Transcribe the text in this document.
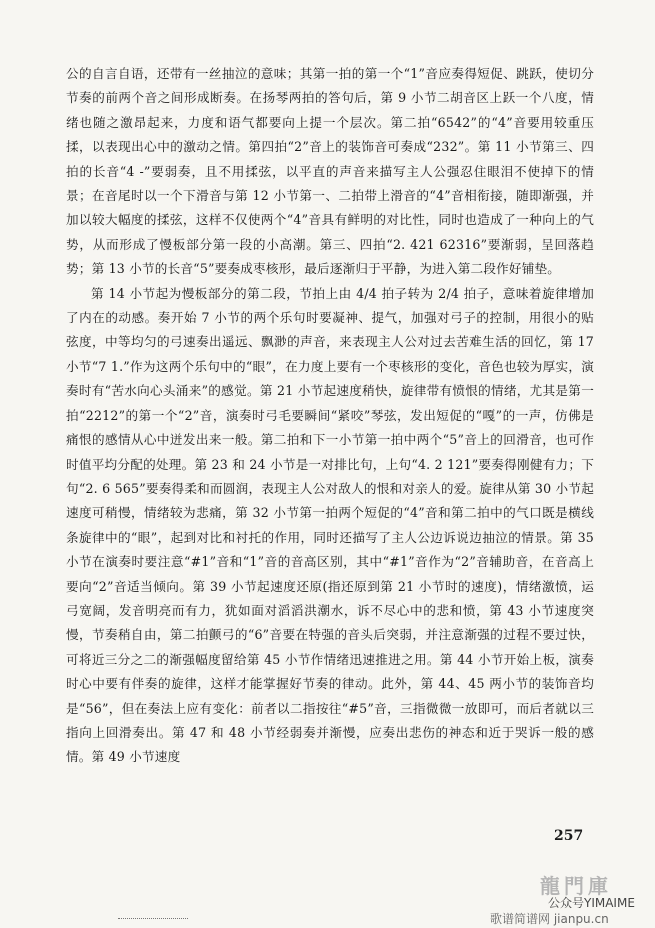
公的自言自语，还带有一丝抽泣的意味；其第一拍的第一个“1”音应奏得短促、跳跃，使切分节奏的前两个音之间形成断奏。在扬琴两拍的答句后，第 9 小节二胡音区上跃一个八度，情绪也随之激昂起来，力度和语气都要向上提一个层次。第二拍“6542”的“4”音要用较重压揉，以表现出心中的激动之情。第四拍“2”音上的装饰音可奏成“232”。第 11 小节第三、四拍的长音“4 -”要弱奏，且不用揉弦，以平直的声音来描写主人公强忍住眼泪不使掉下的情景；在音尾时以一个下滑音与第 12 小节第一、二拍带上滑音的“4”音相衔接，随即渐强，并加以较大幅度的揉弦，这样不仅使两个“4”音具有鲜明的对比性，同时也造成了一种向上的气势，从而形成了慢板部分第一段的小高潮。第三、四拍“2. 421 62316”要渐弱，呈回落趋势；第 13 小节的长音“5”要奏成枣核形，最后逐渐归于平静，为进入第二段作好铺垫。

第 14 小节起为慢板部分的第二段，节拍上由 4/4 拍子转为 2/4 拍子，意味着旋律增加了内在的动感。奏开始 7 小节的两个乐句时要凝神、提气，加强对弓子的控制，用很小的贴弦度，中等均匀的弓速奏出遥远、飘渺的声音，来表现主人公对过去苦难生活的回忆，第 17 小节“7 1.”作为这两个乐句中的“眼”，在力度上要有一个枣核形的变化，音色也较为厚实，演奏时有“苦水向心头涌来”的感觉。第 21 小节起速度稍快，旋律带有愤恨的情绪，尤其是第一拍“2212”的第一个“2”音，演奏时弓毛要瞬间“紧咬”琴弦，发出短促的“嘎”的一声，仿佛是痛恨的感情从心中迸发出来一般。第二拍和下一小节第一拍中两个“5”音上的回滑音，也可作时值平均分配的处理。第 23 和 24 小节是一对排比句，上句“4. 2 121”要奏得刚健有力；下句“2. 6 565”要奏得柔和而圆润，表现主人公对敌人的恨和对亲人的爱。旋律从第 30 小节起速度可稍慢，情绪较为悲痛，第 32 小节第一拍两个短促的“4”音和第二拍中的气口既是横线条旋律中的“眼”，起到对比和衬托的作用，同时还描写了主人公边诉说边抽泣的情景。第 35 小节在演奏时要注意“#1”音和“1”音的音高区别，其中“#1”音作为“2”音辅助音，在音高上要向“2”音适当倾向。第 39 小节起速度还原(指还原到第 21 小节时的速度)，情绪激愤，运弓宽阔，发音明亮而有力，犹如面对滔滔洪潮水，诉不尽心中的悲和愤，第 43 小节速度突慢，节奏稍自由，第二拍颤弓的“6”音要在特强的音头后突弱，并注意渐强的过程不要过快，可将近三分之二的渐强幅度留给第 45 小节作情绪迅速推进之用。第 44 小节开始上板，演奏时心中要有伴奏的旋律，这样才能掌握好节奏的律动。此外，第 44、45 两小节的装饰音均是“56”，但在奏法上应有变化：前者以二指按往“#5”音，三指微微一放即可，而后者就以三指向上回滑奏出。第 47 和 48 小节经弱奏并渐慢，应奏出悲伤的神态和近于哭诉一般的感情。第 49 小节速度

257
龍門庫
公众号YIMAIME
歌谱简谱网 jianpu.cn
